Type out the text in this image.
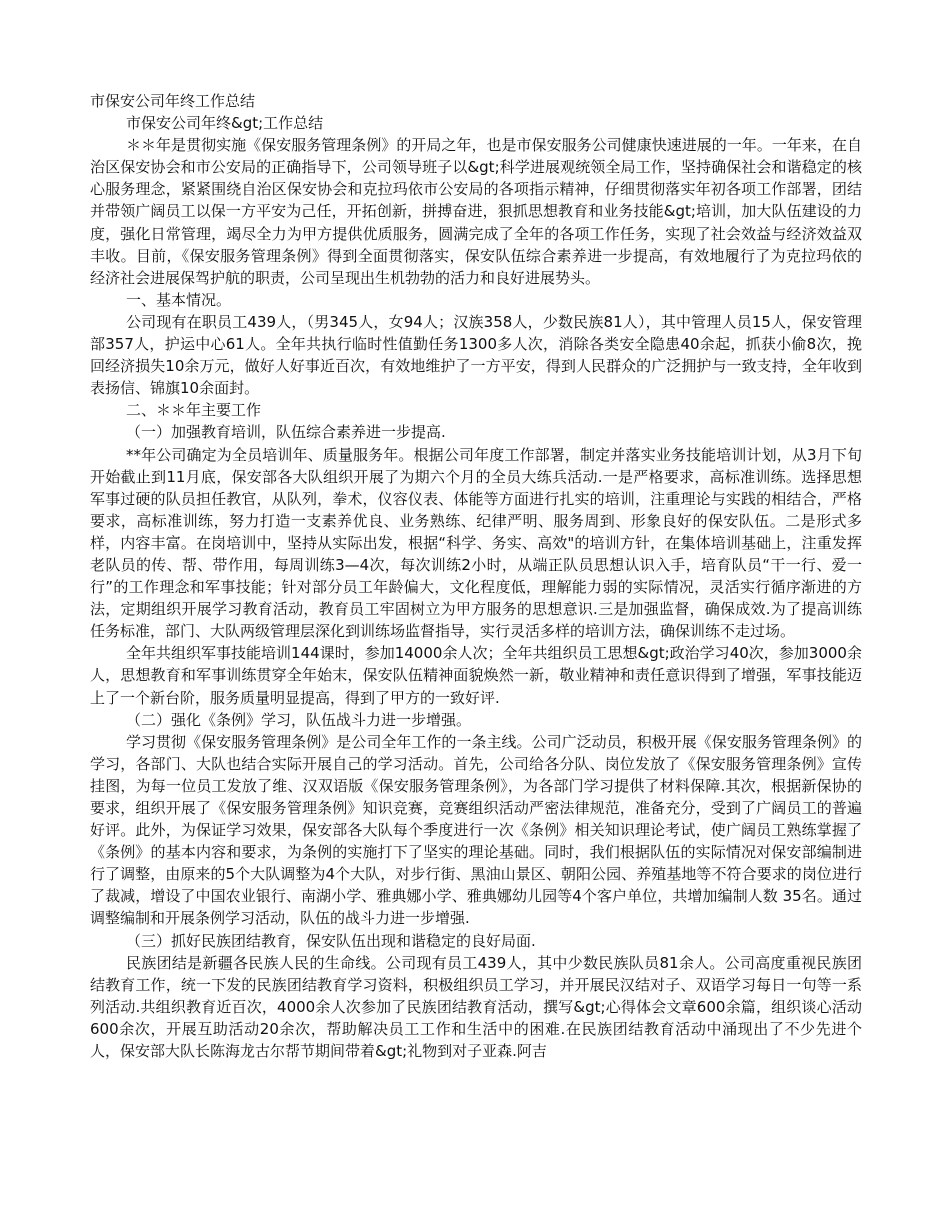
市保安公司年终工作总结
市保安公司年终&gt;工作总结
＊＊年是贯彻实施《保安服务管理条例》的开局之年，也是市保安服务公司健康快速进展的一年。一年来，在自治区保安协会和市公安局的正确指导下，公司领导班子以&gt;科学进展观统领全局工作，坚持确保社会和谐稳定的核心服务理念，紧紧围绕自治区保安协会和克拉玛依市公安局的各项指示精神，仔细贯彻落实年初各项工作部署，团结并带领广阔员工以保一方平安为己任，开拓创新，拼搏奋进，狠抓思想教育和业务技能&gt;培训，加大队伍建设的力度，强化日常管理，竭尽全力为甲方提供优质服务，圆满完成了全年的各项工作任务，实现了社会效益与经济效益双丰收。目前，《保安服务管理条例》得到全面贯彻落实，保安队伍综合素养进一步提高，有效地履行了为克拉玛依的经济社会进展保驾护航的职责，公司呈现出生机勃勃的活力和良好进展势头。
一、基本情况。
公司现有在职员工439人，（男345人，女94人；汉族358人，少数民族81人），其中管理人员15人，保安管理部357人，护运中心61人。全年共执行临时性值勤任务1300多人次，消除各类安全隐患40余起，抓获小偷8次，挽回经济损失10余万元，做好人好事近百次，有效地维护了一方平安，得到人民群众的广泛拥护与一致支持，全年收到表扬信、锦旗10余面封。
二、＊＊年主要工作
（一）加强教育培训，队伍综合素养进一步提高.
**年公司确定为全员培训年、质量服务年。根据公司年度工作部署，制定并落实业务技能培训计划，从3月下旬开始截止到11月底，保安部各大队组织开展了为期六个月的全员大练兵活动.一是严格要求，高标准训练。选择思想军事过硬的队员担任教官，从队列，拳术，仪容仪表、体能等方面进行扎实的培训，注重理论与实践的相结合，严格要求，高标准训练，努力打造一支素养优良、业务熟练、纪律严明、服务周到、形象良好的保安队伍。二是形式多样，内容丰富。在岗培训中，坚持从实际出发，根据“科学、务实、高效"的培训方针，在集体培训基础上，注重发挥老队员的传、帮、带作用，每周训练3—4次，每次训练2小时，从端正队员思想认识入手，培育队员“干一行、爱一行”的工作理念和军事技能；针对部分员工年龄偏大，文化程度低，理解能力弱的实际情况，灵活实行循序渐进的方法，定期组织开展学习教育活动，教育员工牢固树立为甲方服务的思想意识.三是加强监督，确保成效.为了提高训练任务标准，部门、大队两级管理层深化到训练场监督指导，实行灵活多样的培训方法，确保训练不走过场。
全年共组织军事技能培训144课时，参加14000余人次；全年共组织员工思想&gt;政治学习40次，参加3000余人，思想教育和军事训练贯穿全年始末，保安队伍精神面貌焕然一新，敬业精神和责任意识得到了增强，军事技能迈上了一个新台阶，服务质量明显提高，得到了甲方的一致好评.
（二）强化《条例》学习，队伍战斗力进一步增强。
学习贯彻《保安服务管理条例》是公司全年工作的一条主线。公司广泛动员，积极开展《保安服务管理条例》的学习，各部门、大队也结合实际开展自己的学习活动。首先，公司给各分队、岗位发放了《保安服务管理条例》宣传挂图，为每一位员工发放了维、汉双语版《保安服务管理条例》，为各部门学习提供了材料保障.其次，根据新保协的要求，组织开展了《保安服务管理条例》知识竞赛，竞赛组织活动严密法律规范，准备充分，受到了广阔员工的普遍好评。此外，为保证学习效果，保安部各大队每个季度进行一次《条例》相关知识理论考试，使广阔员工熟练掌握了《条例》的基本内容和要求，为条例的实施打下了坚实的理论基础。同时，我们根据队伍的实际情况对保安部编制进行了调整，由原来的5个大队调整为4个大队，对步行街、黑油山景区、朝阳公园、养殖基地等不符合要求的岗位进行了裁减，增设了中国农业银行、南湖小学、雅典娜小学、雅典娜幼儿园等4个客户单位，共增加编制人数 35名。通过调整编制和开展条例学习活动，队伍的战斗力进一步增强.
（三）抓好民族团结教育，保安队伍出现和谐稳定的良好局面.
民族团结是新疆各民族人民的生命线。公司现有员工439人，其中少数民族队员81余人。公司高度重视民族团结教育工作，统一下发的民族团结教育学习资料，积极组织员工学习，并开展民汉结对子、双语学习每日一句等一系列活动.共组织教育近百次，4000余人次参加了民族团结教育活动，撰写&gt;心得体会文章600余篇，组织谈心活动600余次，开展互助活动20余次，帮助解决员工工作和生活中的困难.在民族团结教育活动中涌现出了不少先进个人，保安部大队长陈海龙古尔帮节期间带着&gt;礼物到对子亚森.阿吉
